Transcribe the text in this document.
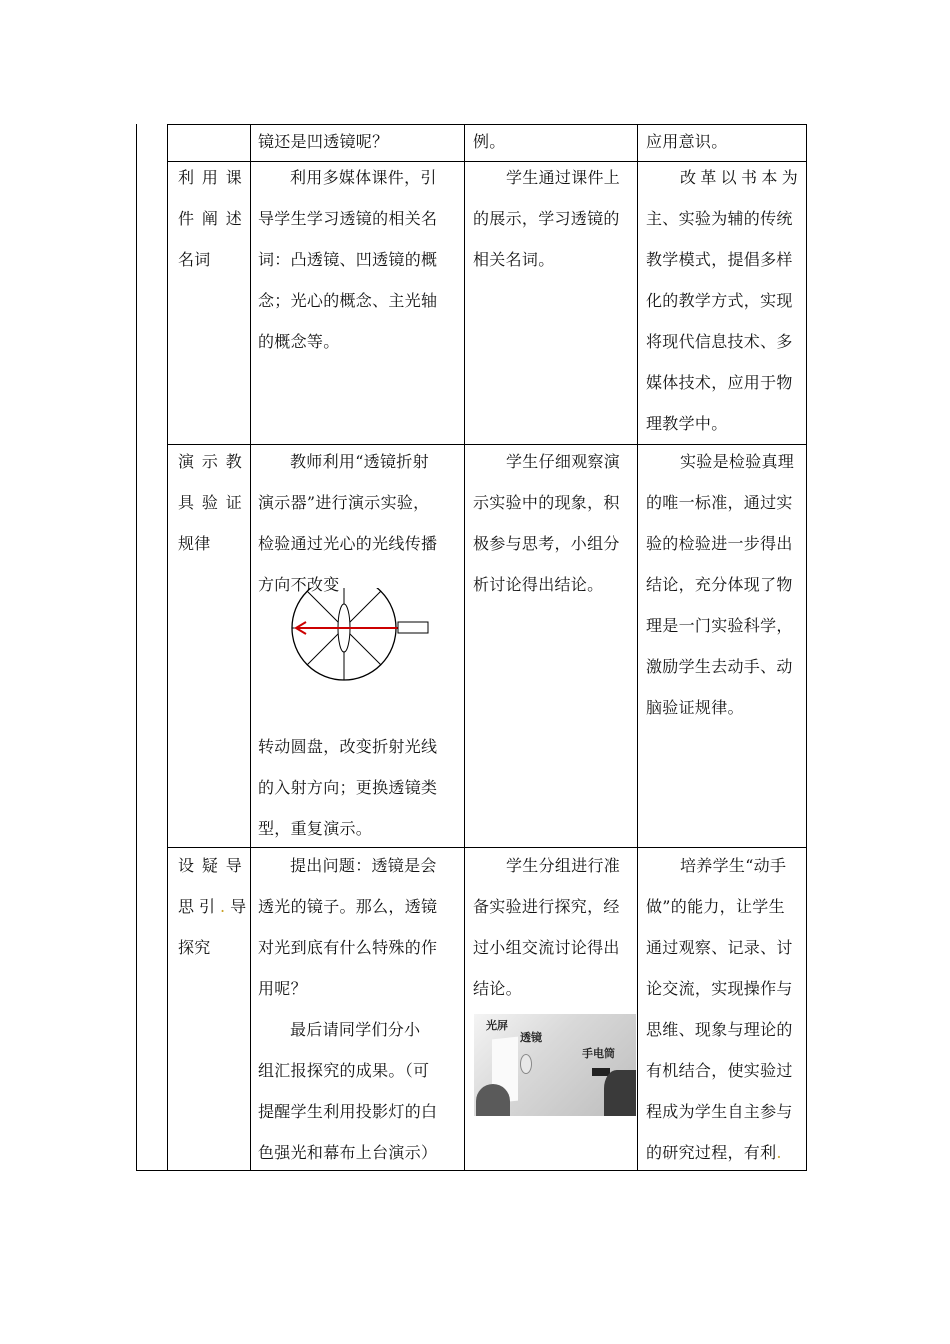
镜还是凹透镜呢？	例。	应用意识。
利用课
件阐述
名词
利用多媒体课件，引
导学生学习透镜的相关名
词：凸透镜、凹透镜的概
念；光心的概念、主光轴
的概念等。
学生通过课件上
的展示，学习透镜的
相关名词。
改革以书本为
主、实验为辅的传统
教学模式，提倡多样
化的教学方式，实现
将现代信息技术、多
媒体技术，应用于物
理教学中。
演示教
具验证
规律
教师利用“透镜折射
演示器”进行演示实验，
检验通过光心的光线传播
方向不改变
转动圆盘，改变折射光线
的入射方向；更换透镜类
型，重复演示。
学生仔细观察演
示实验中的现象，积
极参与思考，小组分
析讨论得出结论。
实验是检验真理
的唯一标准，通过实
验的检验进一步得出
结论，充分体现了物
理是一门实验科学，
激励学生去动手、动
脑验证规律。
设疑导
思引.导
探究
提出问题：透镜是会
透光的镜子。那么，透镜
对光到底有什么特殊的作
用呢？
最后请同学们分小
组汇报探究的成果。（可
提醒学生利用投影灯的白
色强光和幕布上台演示）
学生分组进行准
备实验进行探究，经
过小组交流讨论得出
结论。
光屏
透镜
手电筒
培养学生“动手
做”的能力，让学生
通过观察、记录、讨
论交流，实现操作与
思维、现象与理论的
有机结合，使实验过
程成为学生自主参与
的研究过程，有利.
